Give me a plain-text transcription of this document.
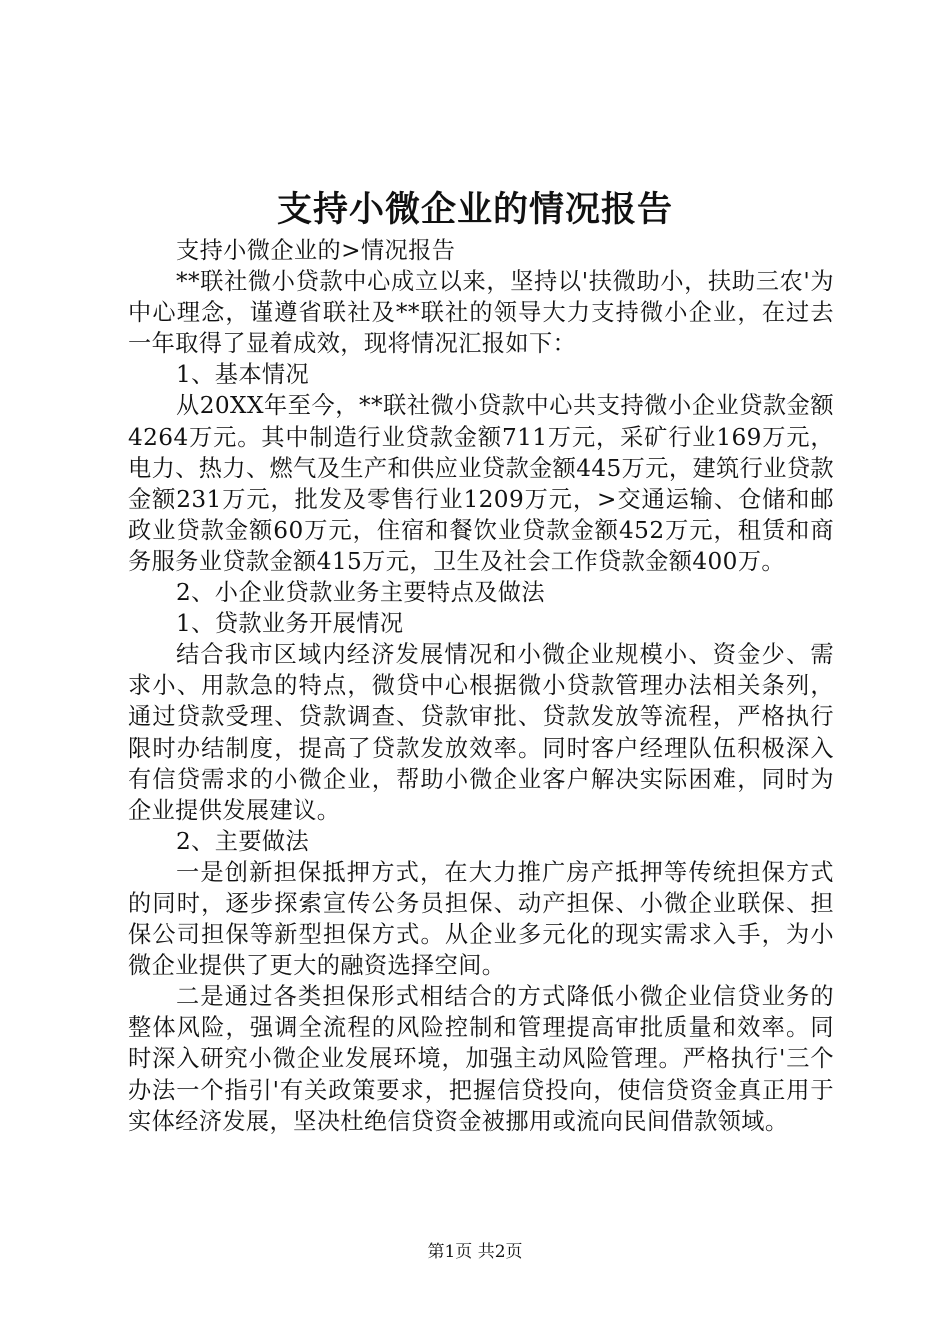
支持小微企业的情况报告

支持小微企业的>情况报告

**联社微小贷款中心成立以来，坚持以'扶微助小，扶助三农'为中心理念，谨遵省联社及**联社的领导大力支持微小企业，在过去一年取得了显着成效，现将情况汇报如下：

1、基本情况

从20XX年至今，**联社微小贷款中心共支持微小企业贷款金额4264万元。其中制造行业贷款金额711万元，采矿行业169万元，电力、热力、燃气及生产和供应业贷款金额445万元，建筑行业贷款金额231万元，批发及零售行业1209万元，>交通运输、仓储和邮政业贷款金额60万元，住宿和餐饮业贷款金额452万元，租赁和商务服务业贷款金额415万元，卫生及社会工作贷款金额400万。

2、小企业贷款业务主要特点及做法

1、贷款业务开展情况

结合我市区域内经济发展情况和小微企业规模小、资金少、需求小、用款急的特点，微贷中心根据微小贷款管理办法相关条列，通过贷款受理、贷款调查、贷款审批、贷款发放等流程，严格执行限时办结制度，提高了贷款发放效率。同时客户经理队伍积极深入有信贷需求的小微企业，帮助小微企业客户解决实际困难，同时为企业提供发展建议。

2、主要做法

一是创新担保抵押方式，在大力推广房产抵押等传统担保方式的同时，逐步探索宣传公务员担保、动产担保、小微企业联保、担保公司担保等新型担保方式。从企业多元化的现实需求入手，为小微企业提供了更大的融资选择空间。

二是通过各类担保形式相结合的方式降低小微企业信贷业务的整体风险，强调全流程的风险控制和管理提高审批质量和效率。同时深入研究小微企业发展环境，加强主动风险管理。严格执行'三个办法一个指引'有关政策要求，把握信贷投向，使信贷资金真正用于实体经济发展，坚决杜绝信贷资金被挪用或流向民间借款领域。

第1页 共2页
